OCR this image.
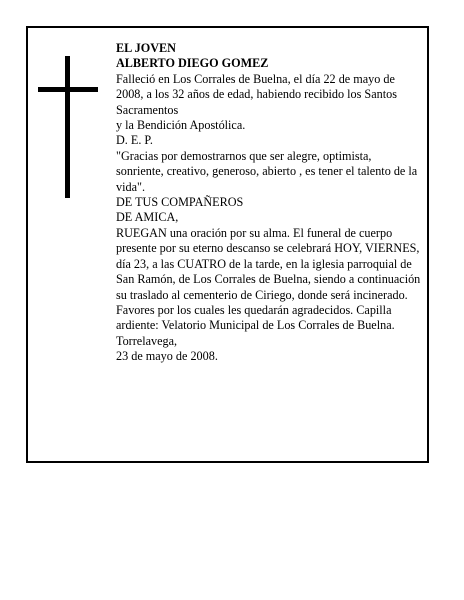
EL JOVEN

ALBERTO DIEGO GOMEZ

Falleció en Los Corrales de Buelna, el día 22 de mayo de 2008, a los 32 años de edad, habiendo recibido los Santos Sacramentos

y la Bendición Apostólica.

D. E. P.

"Gracias por demostrarnos que ser alegre, optimista, sonriente, creativo, generoso, abierto , es tener el talento de la vida".

DE TUS COMPAÑEROS

DE AMICA,

RUEGAN una oración por su alma. El funeral de cuerpo presente por su eterno descanso se celebrará HOY, VIERNES, día 23, a las CUATRO de la tarde, en la iglesia parroquial de San Ramón, de Los Corrales de Buelna, siendo a continuación su traslado al cementerio de Ciriego, donde será incinerado. Favores por los cuales les quedarán agradecidos. Capilla ardiente: Velatorio Municipal de Los Corrales de Buelna.

Torrelavega,

23 de mayo de 2008.
